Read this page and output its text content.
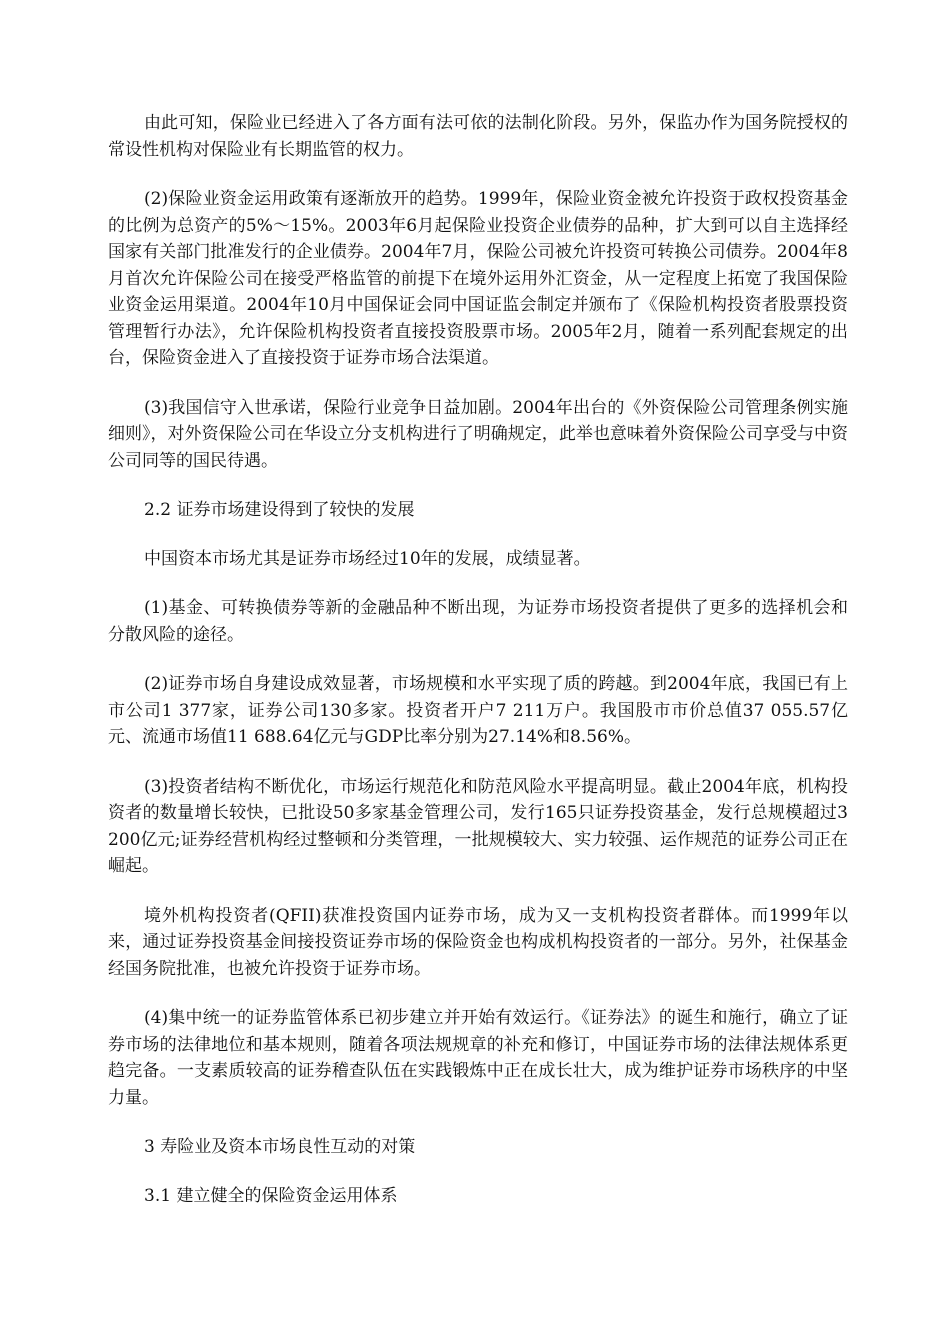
由此可知，保险业已经进入了各方面有法可依的法制化阶段。另外，保监办作为国务院授权的常设性机构对保险业有长期监管的权力。

(2)保险业资金运用政策有逐渐放开的趋势。1999年，保险业资金被允许投资于政权投资基金的比例为总资产的5%～15%。2003年6月起保险业投资企业债券的品种，扩大到可以自主选择经国家有关部门批准发行的企业债券。2004年7月，保险公司被允许投资可转换公司债券。2004年8月首次允许保险公司在接受严格监管的前提下在境外运用外汇资金，从一定程度上拓宽了我国保险业资金运用渠道。2004年10月中国保证会同中国证监会制定并颁布了《保险机构投资者股票投资管理暂行办法》，允许保险机构投资者直接投资股票市场。2005年2月，随着一系列配套规定的出台，保险资金进入了直接投资于证券市场合法渠道。

(3)我国信守入世承诺，保险行业竞争日益加剧。2004年出台的《外资保险公司管理条例实施细则》，对外资保险公司在华设立分支机构进行了明确规定，此举也意味着外资保险公司享受与中资公司同等的国民待遇。

2.2 证券市场建设得到了较快的发展

中国资本市场尤其是证券市场经过10年的发展，成绩显著。

(1)基金、可转换债券等新的金融品种不断出现，为证券市场投资者提供了更多的选择机会和分散风险的途径。

(2)证券市场自身建设成效显著，市场规模和水平实现了质的跨越。到2004年底，我国已有上市公司1 377家，证券公司130多家。投资者开户7 211万户。我国股市市价总值37 055.57亿元、流通市场值11 688.64亿元与GDP比率分别为27.14%和8.56%。

(3)投资者结构不断优化，市场运行规范化和防范风险水平提高明显。截止2004年底，机构投资者的数量增长较快，已批设50多家基金管理公司，发行165只证券投资基金，发行总规模超过3 200亿元;证券经营机构经过整顿和分类管理，一批规模较大、实力较强、运作规范的证券公司正在崛起。

境外机构投资者(QFII)获准投资国内证券市场，成为又一支机构投资者群体。而1999年以来，通过证券投资基金间接投资证券市场的保险资金也构成机构投资者的一部分。另外，社保基金经国务院批准，也被允许投资于证券市场。

(4)集中统一的证券监管体系已初步建立并开始有效运行。《证券法》的诞生和施行，确立了证券市场的法律地位和基本规则，随着各项法规规章的补充和修订，中国证券市场的法律法规体系更趋完备。一支素质较高的证券稽查队伍在实践锻炼中正在成长壮大，成为维护证券市场秩序的中坚力量。

3 寿险业及资本市场良性互动的对策

3.1 建立健全的保险资金运用体系
